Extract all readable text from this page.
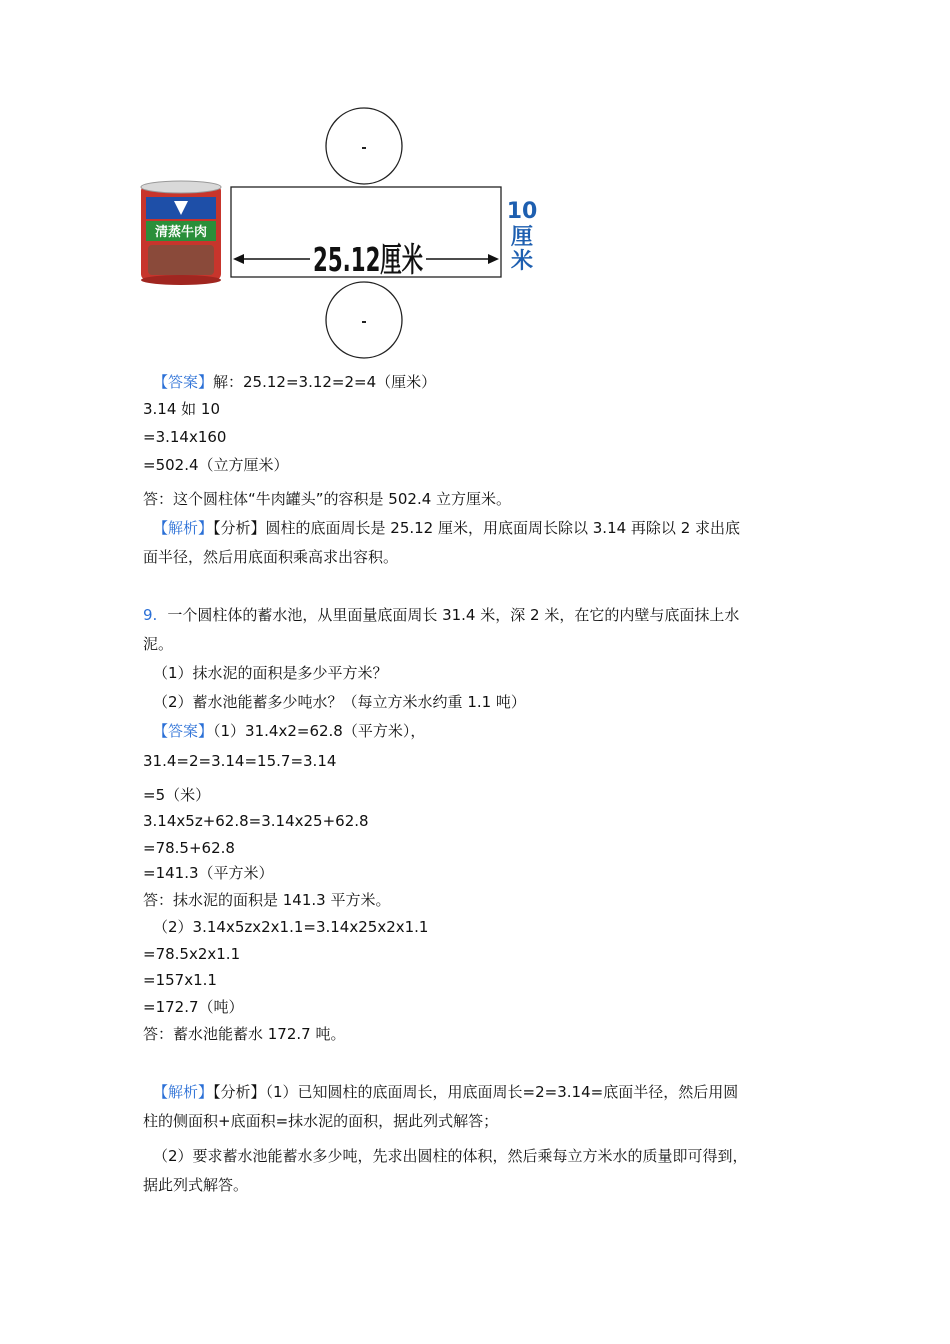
清蒸牛肉
25.12厘米
10
厘
米
【答案】解：25.12=3.12=2=4（厘米）
3.14 如 10
=3.14x160
=502.4（立方厘米）
答：这个圆柱体“牛肉罐头”的容积是 502.4 立方厘米。
【解析】【分析】圆柱的底面周长是 25.12 厘米，用底面周长除以 3.14 再除以 2 求出底
面半径，然后用底面积乘高求出容积。
9. 一个圆柱体的蓄水池，从里面量底面周长 31.4 米，深 2 米，在它的内壁与底面抹上水
泥。
（1）抹水泥的面积是多少平方米？
（2）蓄水池能蓄多少吨水？（每立方米水约重 1.1 吨）
【答案】（1）31.4x2=62.8（平方米），
31.4=2=3.14=15.7=3.14
=5（米）
3.14x5z+62.8=3.14x25+62.8
=78.5+62.8
=141.3（平方米）
答：抹水泥的面积是 141.3 平方米。
（2）3.14x5zx2x1.1=3.14x25x2x1.1
=78.5x2x1.1
=157x1.1
=172.7（吨）
答：蓄水池能蓄水 172.7 吨。
【解析】【分析】（1）已知圆柱的底面周长，用底面周长=2=3.14=底面半径，然后用圆
柱的侧面积+底面积=抹水泥的面积，据此列式解答；
（2）要求蓄水池能蓄水多少吨，先求出圆柱的体积，然后乘每立方米水的质量即可得到，
据此列式解答。
